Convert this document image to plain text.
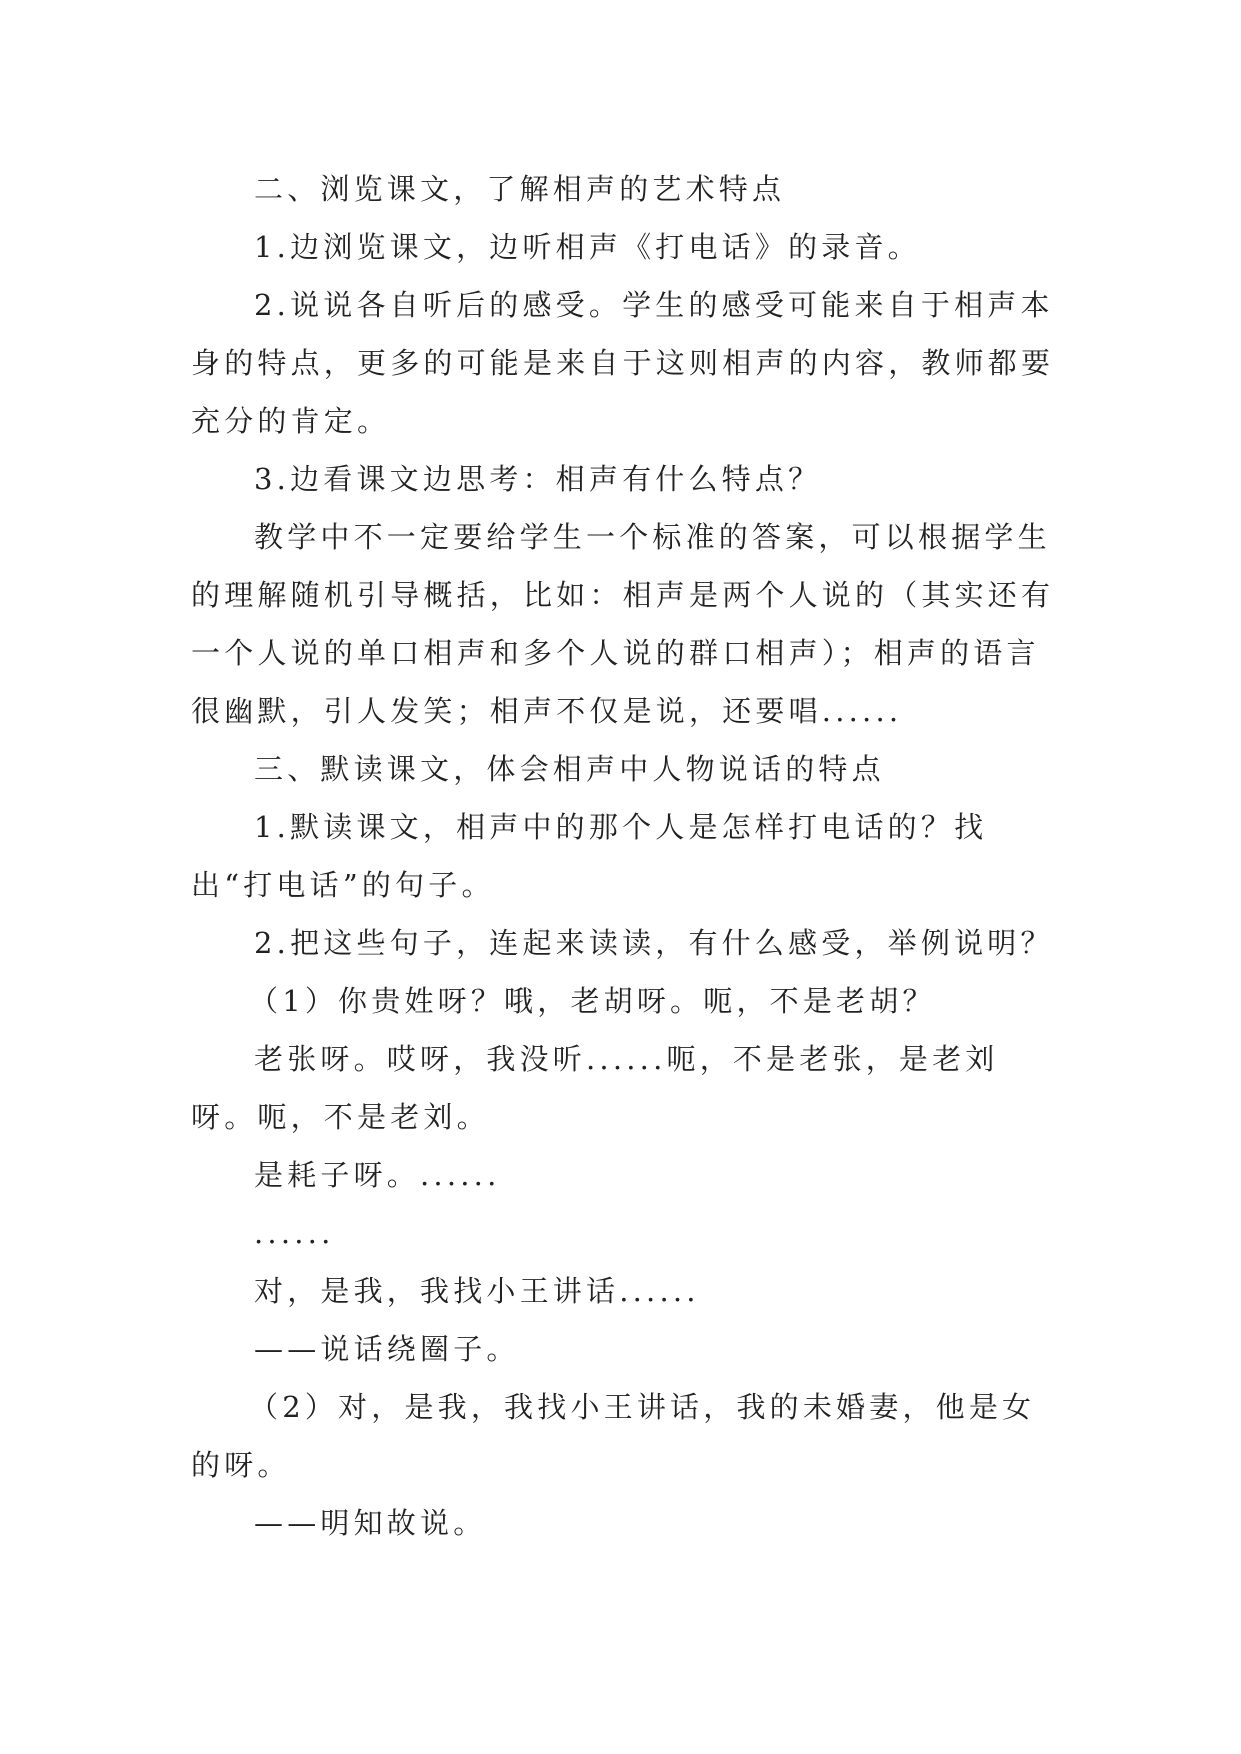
二、浏览课文，了解相声的艺术特点

1.边浏览课文，边听相声《打电话》的录音。

2.说说各自听后的感受。学生的感受可能来自于相声本身的特点，更多的可能是来自于这则相声的内容，教师都要充分的肯定。

3.边看课文边思考：相声有什么特点？

教学中不一定要给学生一个标准的答案，可以根据学生的理解随机引导概括，比如：相声是两个人说的（其实还有一个人说的单口相声和多个人说的群口相声）；相声的语言很幽默，引人发笑；相声不仅是说，还要唱......

三、默读课文，体会相声中人物说话的特点

1.默读课文，相声中的那个人是怎样打电话的？找出“打电话”的句子。

2.把这些句子，连起来读读，有什么感受，举例说明？

（1）你贵姓呀？哦，老胡呀。呃，不是老胡？

老张呀。哎呀，我没听......呃，不是老张，是老刘呀。呃，不是老刘。

是耗子呀。......

......

对，是我，我找小王讲话......

——说话绕圈子。

（2）对，是我，我找小王讲话，我的未婚妻，他是女的呀。

——明知故说。
